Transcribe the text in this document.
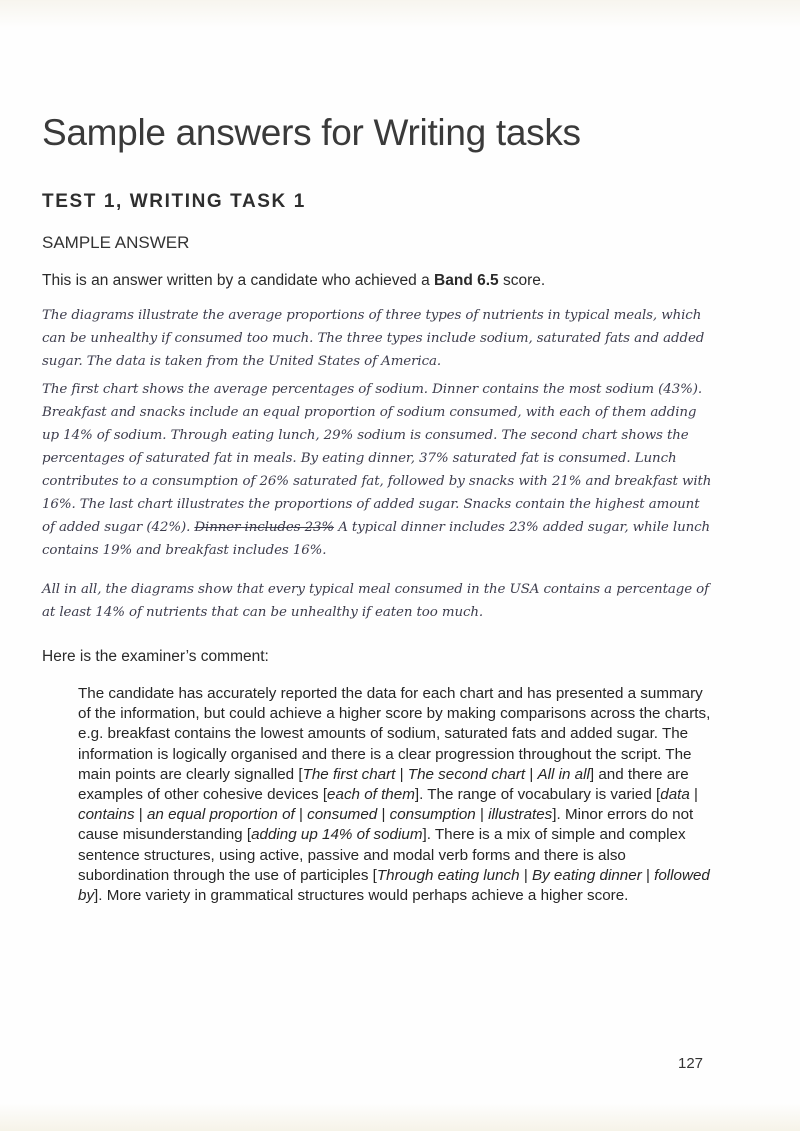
Sample answers for Writing tasks
TEST 1, WRITING TASK 1
SAMPLE ANSWER

This is an answer written by a candidate who achieved a Band 6.5 score.

The diagrams illustrate the average proportions of three types of nutrients in typical meals, which can be unhealthy if consumed too much. The three types include sodium, saturated fats and added sugar. The data is taken from the United States of America.

The first chart shows the average percentages of sodium. Dinner contains the most sodium (43%). Breakfast and snacks include an equal proportion of sodium consumed, with each of them adding up 14% of sodium. Through eating lunch, 29% sodium is consumed. The second chart shows the percentages of saturated fat in meals. By eating dinner, 37% saturated fat is consumed. Lunch contributes to a consumption of 26% saturated fat, followed by snacks with 21% and breakfast with 16%. The last chart illustrates the proportions of added sugar. Snacks contain the highest amount of added sugar (42%). Dinner includes 23% A typical dinner includes 23% added sugar, while lunch contains 19% and breakfast includes 16%.

All in all, the diagrams show that every typical meal consumed in the USA contains a percentage of at least 14% of nutrients that can be unhealthy if eaten too much.

Here is the examiner’s comment:

The candidate has accurately reported the data for each chart and has presented a summary of the information, but could achieve a higher score by making comparisons across the charts, e.g. breakfast contains the lowest amounts of sodium, saturated fats and added sugar. The information is logically organised and there is a clear progression throughout the script. The main points are clearly signalled [The first chart | The second chart | All in all] and there are examples of other cohesive devices [each of them]. The range of vocabulary is varied [data | contains | an equal proportion of | consumed | consumption | illustrates]. Minor errors do not cause misunderstanding [adding up 14% of sodium]. There is a mix of simple and complex sentence structures, using active, passive and modal verb forms and there is also subordination through the use of participles [Through eating lunch | By eating dinner | followed by]. More variety in grammatical structures would perhaps achieve a higher score.

127
